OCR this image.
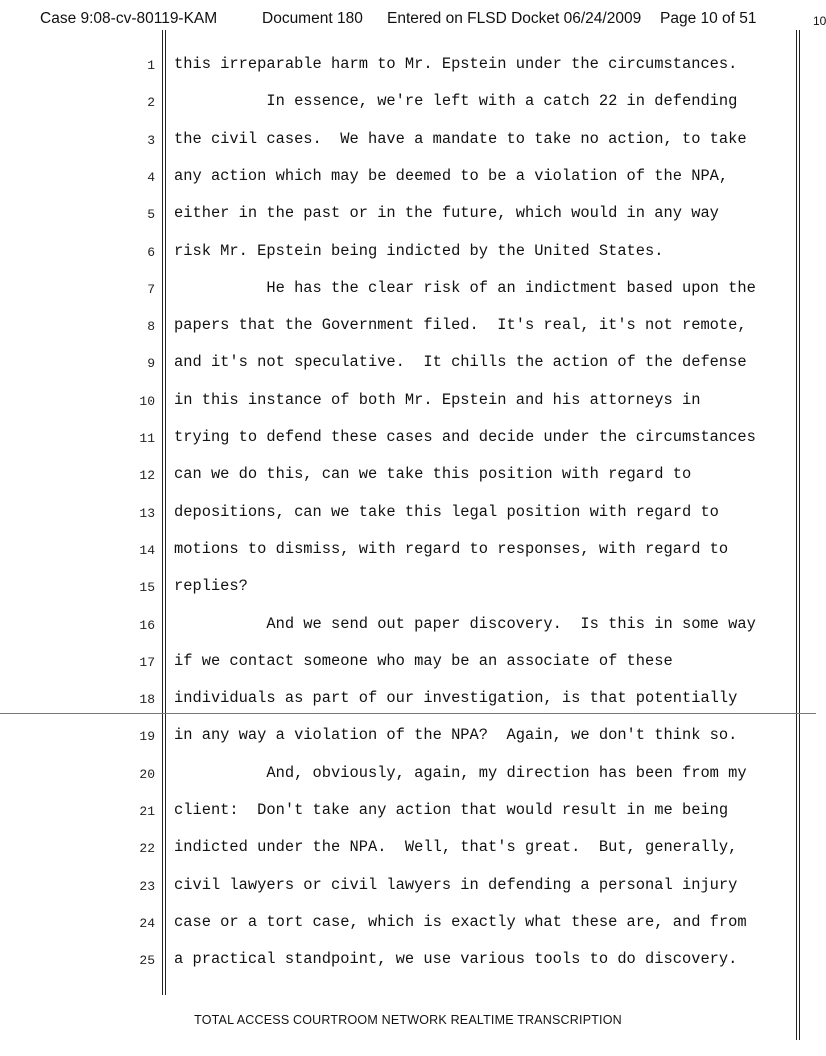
Case 9:08-cv-80119-KAM	Document 180 Entered on FLSD Docket 06/24/2009 Page 10 of 51	10
1 this irreparable harm to Mr. Epstein under the circumstances.
2 In essence, we're left with a catch 22 in defending
3 the civil cases.  We have a mandate to take no action, to take
4 any action which may be deemed to be a violation of the NPA,
5 either in the past or in the future, which would in any way
6 risk Mr. Epstein being indicted by the United States.
7 He has the clear risk of an indictment based upon the
8 papers that the Government filed.  It's real, it's not remote,
9 and it's not speculative.  It chills the action of the defense
10 in this instance of both Mr. Epstein and his attorneys in
11 trying to defend these cases and decide under the circumstances
12 can we do this, can we take this position with regard to
13 depositions, can we take this legal position with regard to
14 motions to dismiss, with regard to responses, with regard to
15 replies?
16 And we send out paper discovery.  Is this in some way
17 if we contact someone who may be an associate of these
18 individuals as part of our investigation, is that potentially
19 in any way a violation of the NPA?  Again, we don't think so.
20 And, obviously, again, my direction has been from my
21 client:  Don't take any action that would result in me being
22 indicted under the NPA.  Well, that's great.  But, generally,
23 civil lawyers or civil lawyers in defending a personal injury
24 case or a tort case, which is exactly what these are, and from
25 a practical standpoint, we use various tools to do discovery.
TOTAL ACCESS COURTROOM NETWORK REALTIME TRANSCRIPTION
